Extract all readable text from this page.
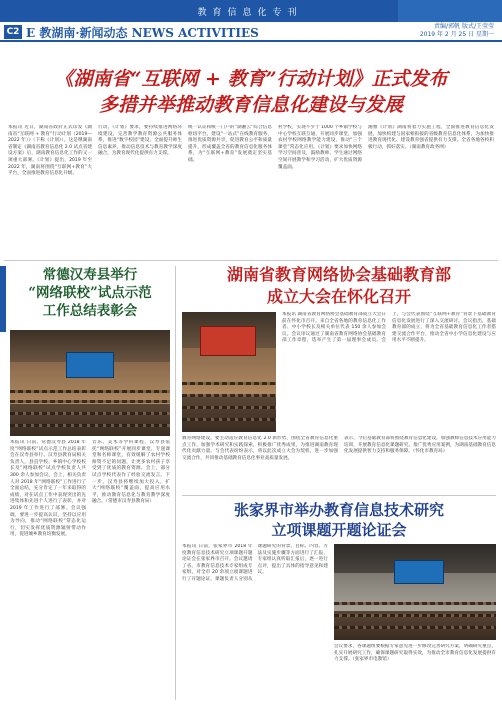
教育信息化专刊
C2 E 教湖南·新闻动态 NEWS ACTIVITIES	责编/郭帆 版式/王莹莹
2019 年 2 月 25 日 星期一
《湖南省“互联网 + 教育”行动计划》正式发布
多措并举推动教育信息化建设与发展
本报讯 近日，湖南省政府正式印发《湖南省“互联网 + 教育”行动计划（2019—2022 年）》（下称《计划》），这是继湖南省制定《湖南省教育信息化 2.0 试点省建设方案》后，湖南教育信息化工作的又一项重大部署。《计划》提出，2019 年至 2022 年，湖南将围绕“互联网+教育”大平台，全面推进教育信息化升级。
行动。《计划》要求，要持续推进网络环境建设，完善教学教育资源公共服务体系，推进“数字校园”建设，全面提升师生信息素养，推动信息技术与教育教学深度融合，为教育现代化提供有力支撑。
统一认证和统一门户的“湖湘云”综合信息枢纽平台，建设“一站式”在线教育服务，推进优质资源共享，促进教育公平和质量提升，形成覆盖全省的教育信息化服务体系，为“互联网+教育”发展奠定坚实基础。
村学校，实现不少于 1000 个乡镇学校与中心学校互联互通，开展同步课堂，加强农村学校网络教学能力建设，推动“三个课堂”常态化应用。《计划》要求加快网络学习空间普及，鼓励教师、学生通过网络空间开展教学和学习活动，扩大优质资源覆盖面。
湘雅《计划》湖南将着力实施工程，全面推进教育信息化发展，加快构建与国家相衔接的省级教育信息化体系，为加快推进教育现代化、建设教育强省提供有力支撑。全省各地各校积极行动，抓好落实。（湖南教育政务网）
常德汉寿县举行
“网络联校”试点示范
工作总结表彰会
本报讯 日前，常德汉寿县 2018 年度“网络联校”试点示范工作总结表彰会在汉寿县举行。汉寿县教育局相关负责人，县直学校、乡镇中心学校校长及“网络联校”试点学校负责人共 300 余人参加会议。会上，相关负责人对 2018 年“网络联校”工作进行了全面总结，充分肯定了一年来取得的成绩，对在试点工作中表现突出的先进集体和先进个人进行了表彰，并对 2019 年工作进行了部署。会议强调，要进一步提高认识，坚持以应用为导向，推动“网络联校”常态化运行，切实发挥优质资源辐射带动作用，促进城乡教育均衡发展。
音乐、美术等学科课程，汉寿县依托“网络联校”开展同步课堂、专递课堂和名师课堂，有效缓解了农村学校师资不足的问题，让更多农村孩子享受到了优质的教育资源。会上，部分试点学校代表作了经验交流发言。下一步，汉寿县将继续加大投入，扩大“网络联校”覆盖面，提高应用水平，推动教育信息化与教育教学深度融合。（常德市汉寿县教育局）
湖南省教育网络协会基础教育部
成立大会在怀化召开
本报讯 湖南省教育网络协会基础教育部成立大会日前在怀化市召开。来自全省各地的教育信息化工作者、中小学校长及相关单位代表 150 余人参加会议。会议审议通过了湖南省教育网络协会基础教育部工作章程，选举产生了第一届理事会成员。会上，与会代表围绕“互联网+教育”背景下基础教育信息化发展进行了深入交流研讨。会议指出，基础教育部的成立，将为全省基础教育信息化工作者搭建交流合作平台，推动全省中小学信息化建设与应用水平不断提升。
教育网络建设，要主动适应教育信息化 2.0 新形势，围绕全省教育信息化重点工作，加强学术研究和实践探索，积极推广优秀成果，为推进湖南教育现代化贡献力量。与会代表纷纷表示，将以此次成立大会为契机，进一步加强交流合作，共同推动基础教育信息化事业高质量发展。
表示，今后基础教育部将围绕教育信息化建设，加强教师信息技术应用能力培训，开展教育信息化课题研究，推广优秀应用案例，为湖南基础教育信息化发展提供智力支持和服务保障。（怀化市教育局）
张家界市举办教育信息技术研究
立项课题开题论证会
本报讯 日前，张家界市 2018 年度教育信息技术研究立项课题开题论证会在张家界市召开。会议邀请了省、市教育信息技术专家组成专家组，对全市 20 余项立项课题进行了开题论证。课题负责人分别从课题研究的背景、目标、内容、方法及实施步骤等方面进行了汇报，专家组认真听取汇报后，逐一进行点评，提出了具体的指导意见和建议。
会议要求，各课题组要根据专家意见进一步修改完善研究方案，明确研究重点，扎实开展研究工作，确保课题研究取得实效，为推动全市教育信息化发展提供有力支撑。（张家界市电教馆）
